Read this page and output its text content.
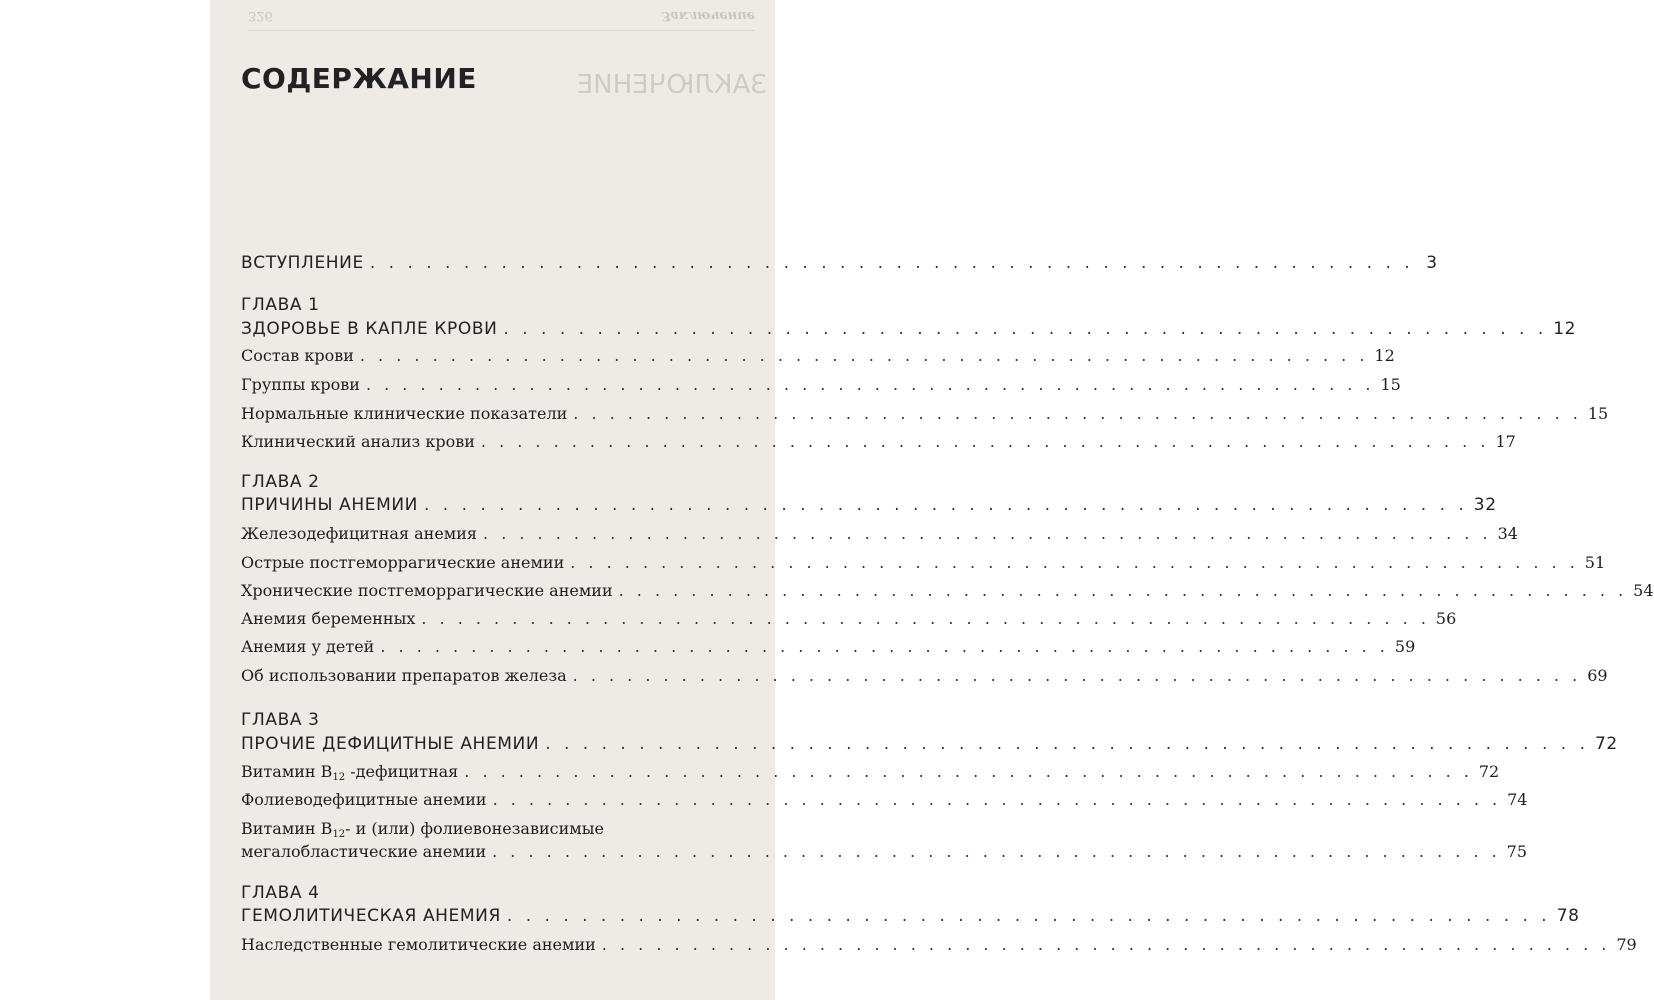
326	Заключение
ЗАКЛЮЧЕНИЕ
СОДЕРЖАНИЕ
ВСТУПЛЕНИЕ . . . . . . . . . . . . . . . . . . . . . . . . . . . . . . . . . . . . . . . . . . . . . . . . . . . . . . . . 3
ГЛАВА 1
ЗДОРОВЬЕ В КАПЛЕ КРОВИ . . . . . . . . . . . . . . . . . . . . . . . . . . . . . . . . . . . . . . . . . . . . . . . . . . . . . . . . 12
Состав крови . . . . . . . . . . . . . . . . . . . . . . . . . . . . . . . . . . . . . . . . . . . . . . . . . . . . . . . . 12
Группы крови . . . . . . . . . . . . . . . . . . . . . . . . . . . . . . . . . . . . . . . . . . . . . . . . . . . . . . . . 15
Нормальные клинические показатели . . . . . . . . . . . . . . . . . . . . . . . . . . . . . . . . . . . . . . . . . . . . . . . . . . . . . . . . 15
Клинический анализ крови . . . . . . . . . . . . . . . . . . . . . . . . . . . . . . . . . . . . . . . . . . . . . . . . . . . . . . . . 17
ГЛАВА 2
ПРИЧИНЫ АНЕМИИ . . . . . . . . . . . . . . . . . . . . . . . . . . . . . . . . . . . . . . . . . . . . . . . . . . . . . . . . 32
Железодефицитная анемия . . . . . . . . . . . . . . . . . . . . . . . . . . . . . . . . . . . . . . . . . . . . . . . . . . . . . . . . 34
Острые постгеморрагические анемии . . . . . . . . . . . . . . . . . . . . . . . . . . . . . . . . . . . . . . . . . . . . . . . . . . . . . . . . 51
Хронические постгеморрагические анемии . . . . . . . . . . . . . . . . . . . . . . . . . . . . . . . . . . . . . . . . . . . . . . . . . . . . . . . . 54
Анемия беременных . . . . . . . . . . . . . . . . . . . . . . . . . . . . . . . . . . . . . . . . . . . . . . . . . . . . . . . . 56
Анемия у детей . . . . . . . . . . . . . . . . . . . . . . . . . . . . . . . . . . . . . . . . . . . . . . . . . . . . . . . . 59
Об использовании препаратов железа . . . . . . . . . . . . . . . . . . . . . . . . . . . . . . . . . . . . . . . . . . . . . . . . . . . . . . . . 69
ГЛАВА 3
ПРОЧИЕ ДЕФИЦИТНЫЕ АНЕМИИ . . . . . . . . . . . . . . . . . . . . . . . . . . . . . . . . . . . . . . . . . . . . . . . . . . . . . . . . 72
Витамин $B_{12}$ -дефицитная . . . . . . . . . . . . . . . . . . . . . . . . . . . . . . . . . . . . . . . . . . . . . . . . . . . . . . . . 72
Фолиеводефицитные анемии . . . . . . . . . . . . . . . . . . . . . . . . . . . . . . . . . . . . . . . . . . . . . . . . . . . . . . . . 74
Витамин $B_{12}-$ и (или) фолиевонезависимые
мегалобластические анемии . . . . . . . . . . . . . . . . . . . . . . . . . . . . . . . . . . . . . . . . . . . . . . . . . . . . . . . . 75
ГЛАВА 4
ГЕМОЛИТИЧЕСКАЯ АНЕМИЯ . . . . . . . . . . . . . . . . . . . . . . . . . . . . . . . . . . . . . . . . . . . . . . . . . . . . . . . . 78
Наследственные гемолитические анемии . . . . . . . . . . . . . . . . . . . . . . . . . . . . . . . . . . . . . . . . . . . . . . . . . . . . . . . . 79
